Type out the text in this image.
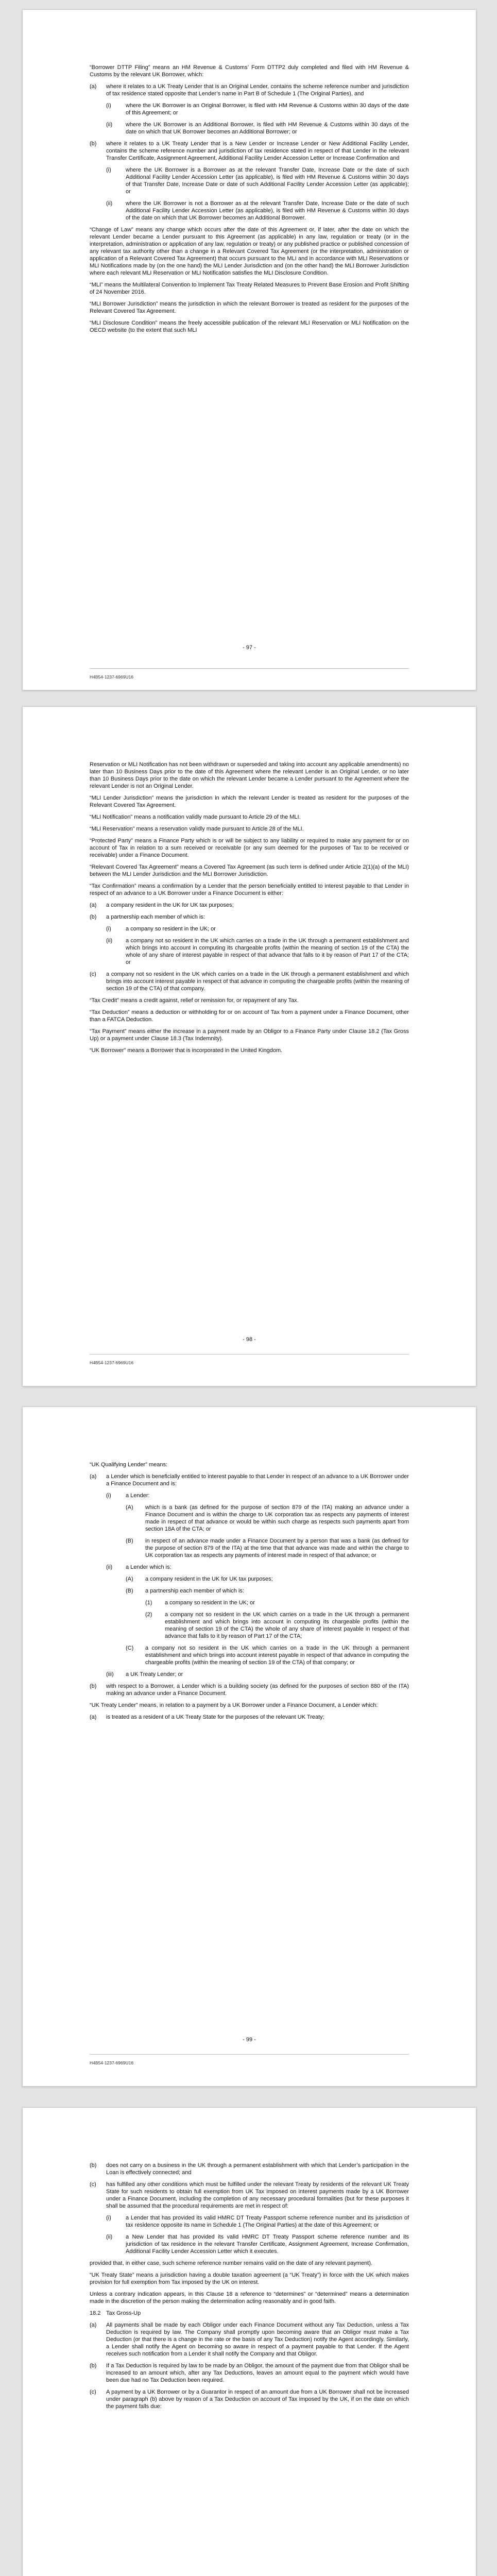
“Borrower DTTP Filing” means an HM Revenue & Customs’ Form DTTP2 duly completed and filed with HM Revenue & Customs by the relevant UK Borrower, which:

(a) where it relates to a UK Treaty Lender that is an Original Lender, contains the scheme reference number and jurisdiction of tax residence stated opposite that Lender’s name in Part B of Schedule 1 (The Original Parties), and
(i)	where the UK Borrower is an Original Borrower, is filed with HM Revenue & Customs within 30 days of the date of this Agreement; or
(ii) where the UK Borrower is an Additional Borrower, is filed with HM Revenue & Customs within 30 days of the date on which that UK Borrower becomes an Additional Borrower; or
(b) where it relates to a UK Treaty Lender that is a New Lender or Increase Lender or New Additional Facility Lender, contains the scheme reference number and jurisdiction of tax residence stated in respect of that Lender in the relevant Transfer Certificate, Assignment Agreement, Additional Facility Lender Accession Letter or Increase Confirmation and
(i)	where the UK Borrower is a Borrower as at the relevant Transfer Date, Increase Date or the date of such Additional Facility Lender Accession Letter (as applicable), is filed with HM Revenue & Customs within 30 days of that Transfer Date, Increase Date or date of such Additional Facility Lender Accession Letter (as applicable); or
(ii) where the UK Borrower is not a Borrower as at the relevant Transfer Date, Increase Date or the date of such Additional Facility Lender Accession Letter (as applicable), is filed with HM Revenue & Customs within 30 days of the date on which that UK Borrower becomes an Additional Borrower.

“Change of Law” means any change which occurs after the date of this Agreement or, if later, after the date on which the relevant Lender became a Lender pursuant to this Agreement (as applicable) in any law, regulation or treaty (or in the interpretation, administration or application of any law, regulation or treaty) or any published practice or published concession of any relevant tax authority other than a change in a Relevant Covered Tax Agreement (or the interpretation, administration or application of a Relevant Covered Tax Agreement) that occurs pursuant to the MLI and in accordance with MLI Reservations or MLI Notifications made by (on the one hand) the MLI Lender Jurisdiction and (on the other hand) the MLI Borrower Jurisdiction where each relevant MLI Reservation or MLI Notification satisfies the MLI Disclosure Condition.

“MLI” means the Multilateral Convention to Implement Tax Treaty Related Measures to Prevent Base Erosion and Profit Shifting of 24 November 2016.

“MLI Borrower Jurisdiction” means the jurisdiction in which the relevant Borrower is treated as resident for the purposes of the Relevant Covered Tax Agreement.

“MLI Disclosure Condition” means the freely accessible publication of the relevant MLI Reservation or MLI Notification on the OECD website (to the extent that such MLI

- 97 -
H4B54-1237-6969U16

Reservation or MLI Notification has not been withdrawn or superseded and taking into account any applicable amendments) no later than 10 Business Days prior to the date of this Agreement where the relevant Lender is an Original Lender, or no later than 10 Business Days prior to the date on which the relevant Lender became a Lender pursuant to the Agreement where the relevant Lender is not an Original Lender.

“MLI Lender Jurisdiction” means the jurisdiction in which the relevant Lender is treated as resident for the purposes of the Relevant Covered Tax Agreement.

“MLI Notification” means a notification validly made pursuant to Article 29 of the MLI.

“MLI Reservation” means a reservation validly made pursuant to Article 28 of the MLI.

“Protected Party” means a Finance Party which is or will be subject to any liability or required to make any payment for or on account of Tax in relation to a sum received or receivable (or any sum deemed for the purposes of Tax to be received or receivable) under a Finance Document.

“Relevant Covered Tax Agreement” means a Covered Tax Agreement (as such term is defined under Article 2(1)(a) of the MLI) between the MLI Lender Jurisdiction and the MLI Borrower Jurisdiction.

“Tax Confirmation” means a confirmation by a Lender that the person beneficially entitled to interest payable to that Lender in respect of an advance to a UK Borrower under a Finance Document is either:

(a) a company resident in the UK for UK tax purposes;
(b) a partnership each member of which is:
(i)	a company so resident in the UK; or
(ii) a company not so resident in the UK which carries on a trade in the UK through a permanent establishment and which brings into account in computing its chargeable profits (within the meaning of section 19 of the CTA) the whole of any share of interest payable in respect of that advance that falls to it by reason of Part 17 of the CTA; or
(c) a company not so resident in the UK which carries on a trade in the UK through a permanent establishment and which brings into account interest payable in respect of that advance in computing the chargeable profits (within the meaning of section 19 of the CTA) of that company.

“Tax Credit” means a credit against, relief or remission for, or repayment of any Tax.

“Tax Deduction” means a deduction or withholding for or on account of Tax from a payment under a Finance Document, other than a FATCA Deduction.

“Tax Payment” means either the increase in a payment made by an Obligor to a Finance Party under Clause 18.2 (Tax Gross Up) or a payment under Clause 18.3 (Tax Indemnity).

“UK Borrower” means a Borrower that is incorporated in the United Kingdom.

- 98 -
H4B54-1237-6969U16

“UK Qualifying Lender” means:

(a) a Lender which is beneficially entitled to interest payable to that Lender in respect of an advance to a UK Borrower under a Finance Document and is:
(i)	a Lender:
(A) which is a bank (as defined for the purpose of section 879 of the ITA) making an advance under a Finance Document and is within the charge to UK corporation tax as respects any payments of interest made in respect of that advance or would be within such charge as respects such payments apart from section 18A of the CTA; or
(B) in respect of an advance made under a Finance Document by a person that was a bank (as defined for the purpose of section 879 of the ITA) at the time that that advance was made and within the charge to UK corporation tax as respects any payments of interest made in respect of that advance; or
(ii) a Lender which is:
(A) a company resident in the UK for UK tax purposes;
(B) a partnership each member of which is:
(1) a company so resident in the UK; or
(2) a company not so resident in the UK which carries on a trade in the UK through a permanent establishment and which brings into account in computing its chargeable profits (within the meaning of section 19 of the CTA) the whole of any share of interest payable in respect of that advance that falls to it by reason of Part 17 of the CTA;
(C) a company not so resident in the UK which carries on a trade in the UK through a permanent establishment and which brings into account interest payable in respect of that advance in computing the chargeable profits (within the meaning of section 19 of the CTA) of that company; or
(iii) a UK Treaty Lender; or
(b) with respect to a Borrower, a Lender which is a building society (as defined for the purposes of section 880 of the ITA) making an advance under a Finance Document.

“UK Treaty Lender” means, in relation to a payment by a UK Borrower under a Finance Document, a Lender which:

(a) is treated as a resident of a UK Treaty State for the purposes of the relevant UK Treaty;
- 99 -
H4B54-1237-6969U16
(b) does not carry on a business in the UK through a permanent establishment with which that Lender’s participation in the Loan is effectively connected; and
(c) has fulfilled any other conditions which must be fulfilled under the relevant Treaty by residents of the relevant UK Treaty State for such residents to obtain full exemption from UK Tax imposed on interest payments made by a UK Borrower under a Finance Document, including the completion of any necessary procedural formalities (but for these purposes it shall be assumed that the procedural requirements are met in respect of:
(i)	a Lender that has provided its valid HMRC DT Treaty Passport scheme reference number and its jurisdiction of tax residence opposite its name in Schedule 1 (The Original Parties) at the date of this Agreement; or
(ii) a New Lender that has provided its valid HMRC DT Treaty Passport scheme reference number and its jurisdiction of tax residence in the relevant Transfer Certificate, Assignment Agreement, Increase Confirmation, Additional Facility Lender Accession Letter which it executes.

provided that, in either case, such scheme reference number remains valid on the date of any relevant payment).

“UK Treaty State” means a jurisdiction having a double taxation agreement (a “UK Treaty”) in force with the UK which makes provision for full exemption from Tax imposed by the UK on interest.

Unless a contrary indication appears, in this Clause 18 a reference to “determines” or “determined” means a determination made in the discretion of the person making the determination acting reasonably and in good faith.

18.2 Tax Gross-Up
(a) All payments shall be made by each Obligor under each Finance Document without any Tax Deduction, unless a Tax Deduction is required by law. The Company shall promptly upon becoming aware that an Obligor must make a Tax Deduction (or that there is a change in the rate or the basis of any Tax Deduction) notify the Agent accordingly. Similarly, a Lender shall notify the Agent on becoming so aware in respect of a payment payable to that Lender. If the Agent receives such notification from a Lender it shall notify the Company and that Obligor.
(b) If a Tax Deduction is required by law to be made by an Obligor, the amount of the payment due from that Obligor shall be increased to an amount which, after any Tax Deductions, leaves an amount equal to the payment which would have been due had no Tax Deduction been required.
(c) A payment by a UK Borrower or by a Guarantor in respect of an amount due from a UK Borrower shall not be increased under paragraph (b) above by reason of a Tax Deduction on account of Tax imposed by the UK, if on the date on which the payment falls due:
